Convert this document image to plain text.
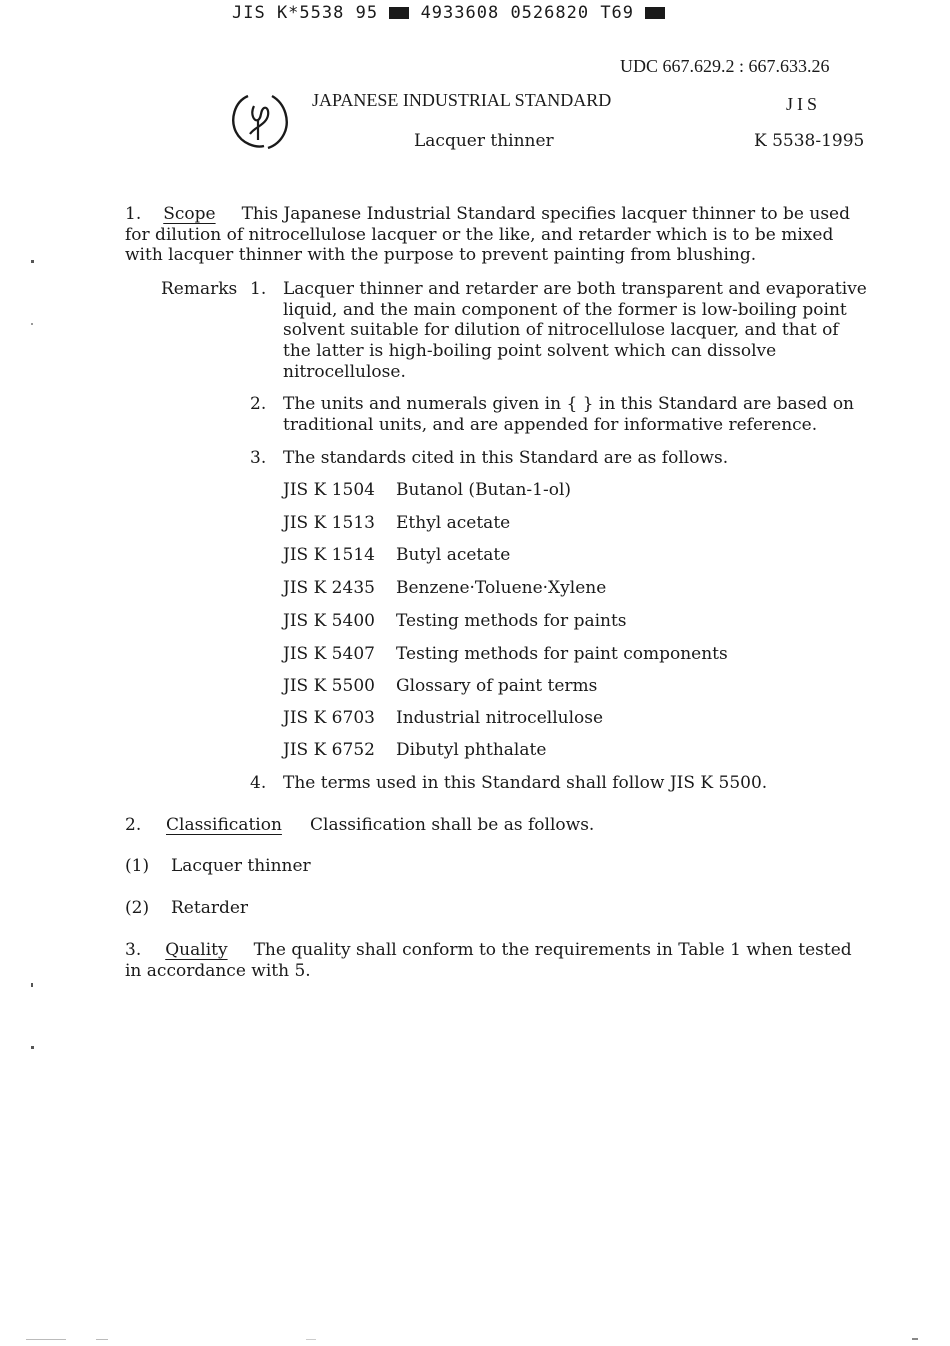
JIS K*5538 95	4933608 0526820 T69
UDC 667.629.2 : 667.633.26
JAPANESE INDUSTRIAL STANDARD	JIS
Lacquer thinner	K 5538-1995
1. Scope This Japanese Industrial Standard specifies lacquer thinner to be used for dilution of nitrocellulose lacquer or the like, and retarder which is to be mixed with lacquer thinner with the purpose to prevent painting from blushing.
Remarks 1. Lacquer thinner and retarder are both transparent and evaporative liquid, and the main component of the former is low-boiling point solvent suitable for dilution of nitrocellulose lacquer, and that of the latter is high-boiling point solvent which can dissolve nitrocellulose.
2. The units and numerals given in { } in this Standard are based on traditional units, and are appended for informative reference.
3. The standards cited in this Standard are as follows.
JIS K 1504 Butanol (Butan-1-ol)
JIS K 1513 Ethyl acetate
JIS K 1514 Butyl acetate
JIS K 2435 Benzene·Toluene·Xylene
JIS K 5400 Testing methods for paints
JIS K 5407 Testing methods for paint components
JIS K 5500 Glossary of paint terms
JIS K 6703 Industrial nitrocellulose
JIS K 6752 Dibutyl phthalate
4. The terms used in this Standard shall follow JIS K 5500.
2. Classification Classification shall be as follows.
(1) Lacquer thinner
(2) Retarder
3. Quality The quality shall conform to the requirements in Table 1 when tested in accordance with 5.
